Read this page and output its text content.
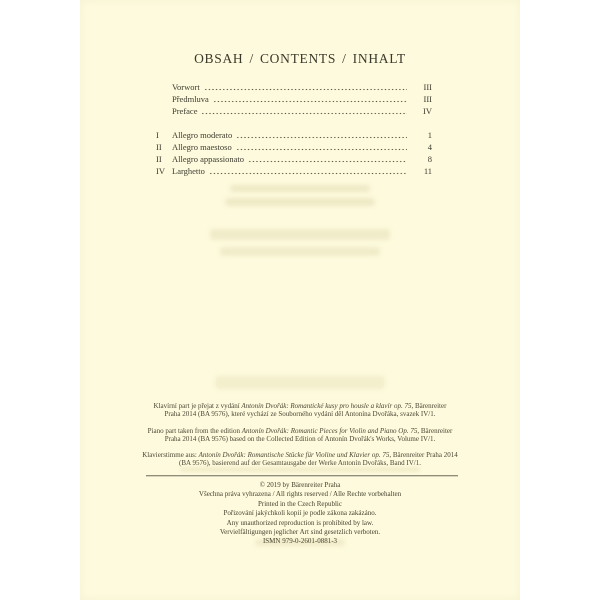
OBSAH / CONTENTS / INHALT
Vorwort	III
Předmluva	III
Preface	IV
I	Allegro moderato	1
II	Allegro maestoso	4
II	Allegro appassionato	8
IV Larghetto	11

Klavírní part je přejat z vydání Antonín Dvořák: Romantické kusy pro housle a klavír op. 75, Bärenreiter
Praha 2014 (BA 9576), které vychází ze Souborného vydání děl Antonína Dvořáka, svazek IV/1.

Piano part taken from the edition Antonín Dvořák: Romantic Pieces for Violin and Piano Op. 75, Bärenreiter
Praha 2014 (BA 9576) based on the Collected Edition of Antonín Dvořák's Works, Volume IV/1.

Klavierstimme aus: Antonín Dvořák: Romantische Stücke für Violine und Klavier op. 75, Bärenreiter Praha 2014
(BA 9576), basierend auf der Gesamtausgabe der Werke Antonín Dvořáks, Band IV/1.

© 2019 by Bärenreiter Praha
Všechna práva vyhrazena / All rights reserved / Alle Rechte vorbehalten
Printed in the Czech Republic
Pořizování jakýchkoli kopií je podle zákona zakázáno.
Any unauthorized reproduction is prohibited by law.
Vervielfältigungen jeglicher Art sind gesetzlich verboten.
ISMN 979-0-2601-0881-3
